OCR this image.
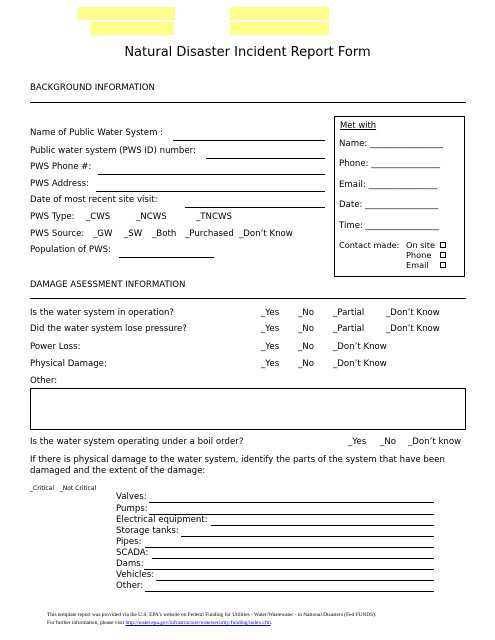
Natural Disaster Incident Report Form
BACKGROUND INFORMATION
Name of Public Water System :
Public water system (PWS ID) number:
PWS Phone #:
PWS Address:
Date of most recent site visit:
PWS Type: _CWS	_NCWS	_TNCWS
PWS Source: _GW _SW _Both _Purchased _Don’t Know
Population of PWS:
Met with
Name: _________________
Phone: ________________
Email: ________________
Date: _________________
Time: _________________
Contact made: On site
Phone
Email
DAMAGE ASESSMENT INFORMATION
Is the water system in operation?	_Yes _No _Partial	_Don’t Know
Did the water system lose pressure?	_Yes _No _Partial	_Don’t Know
Power Loss:	_Yes _No _Don’t Know
Physical Damage:	_Yes _No _Don’t Know
Other:
Is the water system operating under a boil order?	_Yes _No _Don’t know
If there is physical damage to the water system, identify the parts of the system that have been
damaged and the extent of the damage:
_Critical   _Not Critical
Valves:
Pumps:
Electrical equipment:
Storage tanks:
Pipes:
SCADA:
Dams:
Vehicles:
Other:
This template report was provided via the U.S. EPA's website on Federal Funding for Utilities - Water/Wastewater - in National Disasters (Fed FUNDS).
For further information, please visit http://water.epa.gov/infrastructure/watersecurity/funding/index.cfm.
